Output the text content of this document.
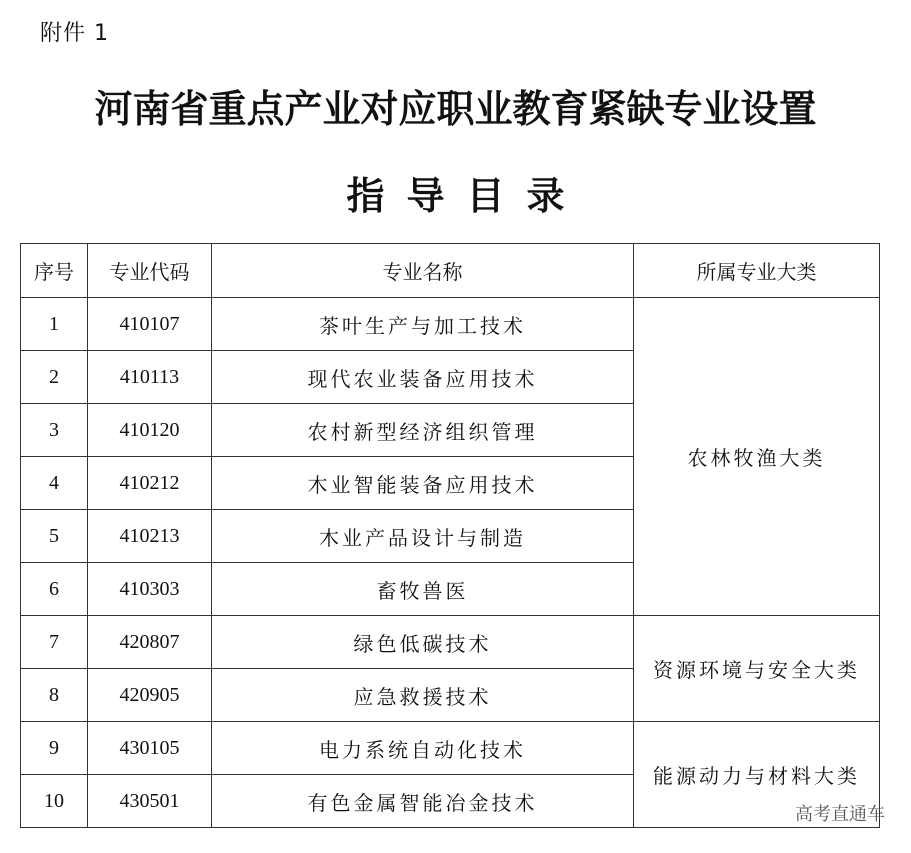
附件 1
河南省重点产业对应职业教育紧缺专业设置
指导目录
序号	专业代码	专业名称	所属专业大类
1	410107	茶叶生产与加工技术	农林牧渔大类
2	410113	现代农业装备应用技术	
3	410120	农村新型经济组织管理	
4	410212	木业智能装备应用技术	
5	410213	木业产品设计与制造	
6	410303	畜牧兽医	
7	420807	绿色低碳技术	资源环境与安全大类
8	420905	应急救援技术	
9	430105	电力系统自动化技术	能源动力与材料大类
10	430501	有色金属智能冶金技术		高考直通车
